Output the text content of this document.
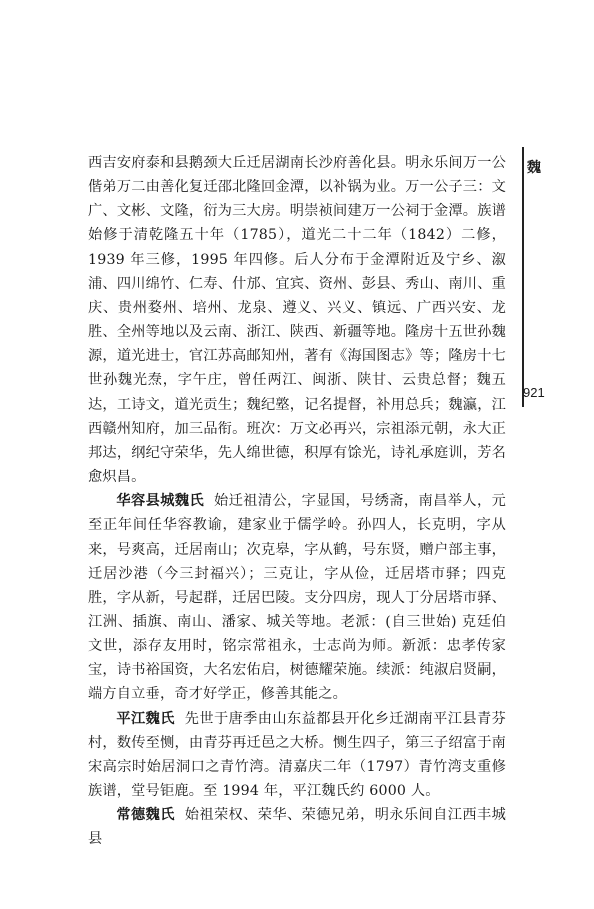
魏
921

西吉安府泰和县鹅颈大丘迁居湖南长沙府善化县。明永乐间万一公偕弟万二由善化复迁邵北隆回金潭，以补锅为业。万一公子三：文广、文彬、文隆，衍为三大房。明崇祯间建万一公祠于金潭。族谱始修于清乾隆五十年（1785），道光二十二年（1842）二修，1939 年三修，1995 年四修。后人分布于金潭附近及宁乡、溆浦、四川绵竹、仁寿、什邡、宜宾、资州、彭县、秀山、南川、重庆、贵州婺州、培州、龙泉、遵义、兴义、镇远、广西兴安、龙胜、全州等地以及云南、浙江、陕西、新疆等地。隆房十五世孙魏源，道光进士，官江苏高邮知州，著有《海国图志》等；隆房十七世孙魏光焘，字午庄，曾任两江、闽浙、陕甘、云贵总督；魏五达，工诗文，道光贡生；魏纪墪，记名提督，补用总兵；魏瀛，江西赣州知府，加三品衔。班次：万文必再兴，宗祖添元朝，永大正邦达，纲纪守荣华，先人绵世德，积厚有馀光，诗礼承庭训，芳名愈炽昌。

华容县城魏氏 始迁祖清公，字显国，号绣斋，南昌举人，元至正年间任华容教谕，建家业于儒学岭。孙四人，长克明，字从来，号爽高，迁居南山；次克皋，字从鹤，号东贤，赠户部主事，迁居沙港（今三封福兴）；三克让，字从俭，迁居塔市驿；四克胜，字从新，号起群，迁居巴陵。支分四房，现人丁分居塔市驿、江洲、插旗、南山、潘家、城关等地。老派：(自三世始) 克廷伯文世，添存友用时，铭宗常祖永，士志尚为师。新派：忠孝传家宝，诗书裕国资，大名宏佑启，树德耀荣施。续派：纯淑启贤嗣，端方自立垂，奇才好学正，修善其能之。

平江魏氏 先世于唐季由山东益都县开化乡迁湖南平江县青芬村，数传至恻，由青芬再迁邑之大桥。恻生四子，第三子绍富于南宋高宗时始居洞口之青竹湾。清嘉庆二年（1797）青竹湾支重修族谱，堂号钜鹿。至 1994 年，平江魏氏约 6000 人。

常德魏氏 始祖荣权、荣华、荣德兄弟，明永乐间自江西丰城县
